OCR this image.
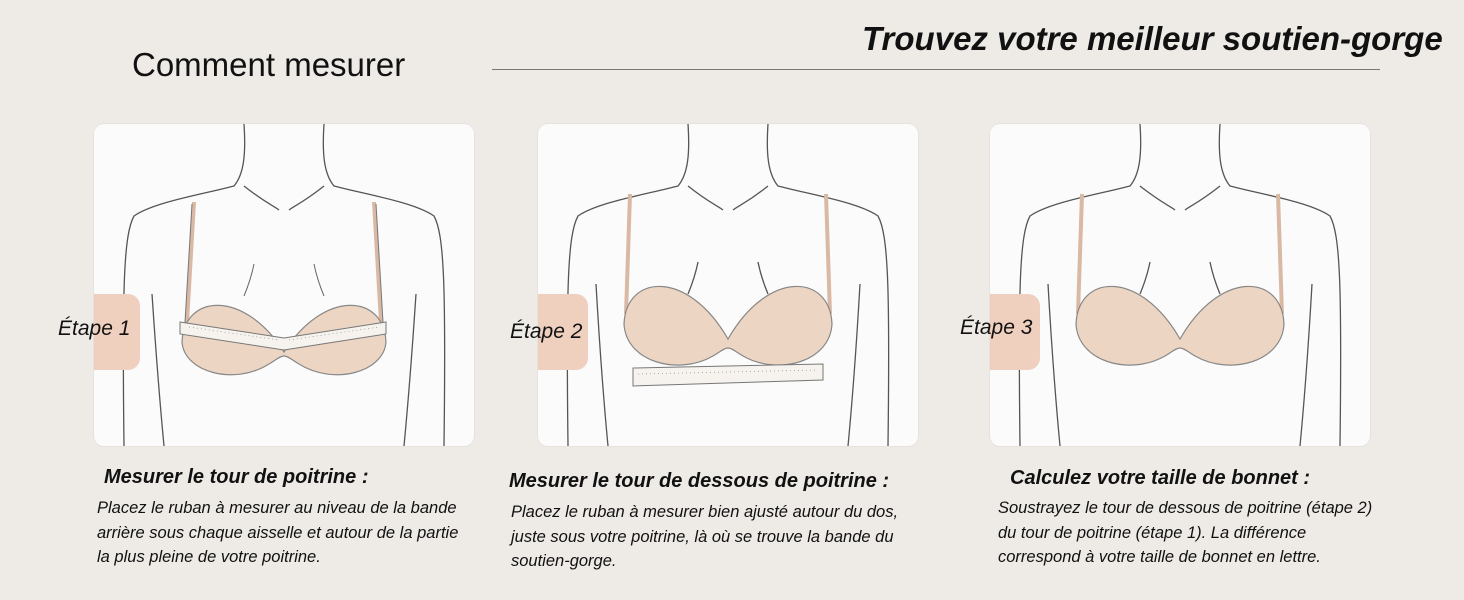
Comment mesurer
Trouvez votre meilleur soutien-gorge
Étape 1	Étape 2	Étape 3
Mesurer le tour de poitrine :

Placez le ruban à mesurer au niveau de la bande arrière sous chaque aisselle et autour de la partie la plus pleine de votre poitrine.

Mesurer le tour de dessous de poitrine :

Placez le ruban à mesurer bien ajusté autour du dos, juste sous votre poitrine, là où se trouve la bande du soutien-gorge.

Calculez votre taille de bonnet :

Soustrayez le tour de dessous de poitrine (étape 2) du tour de poitrine (étape 1). La différence correspond à votre taille de bonnet en lettre.
